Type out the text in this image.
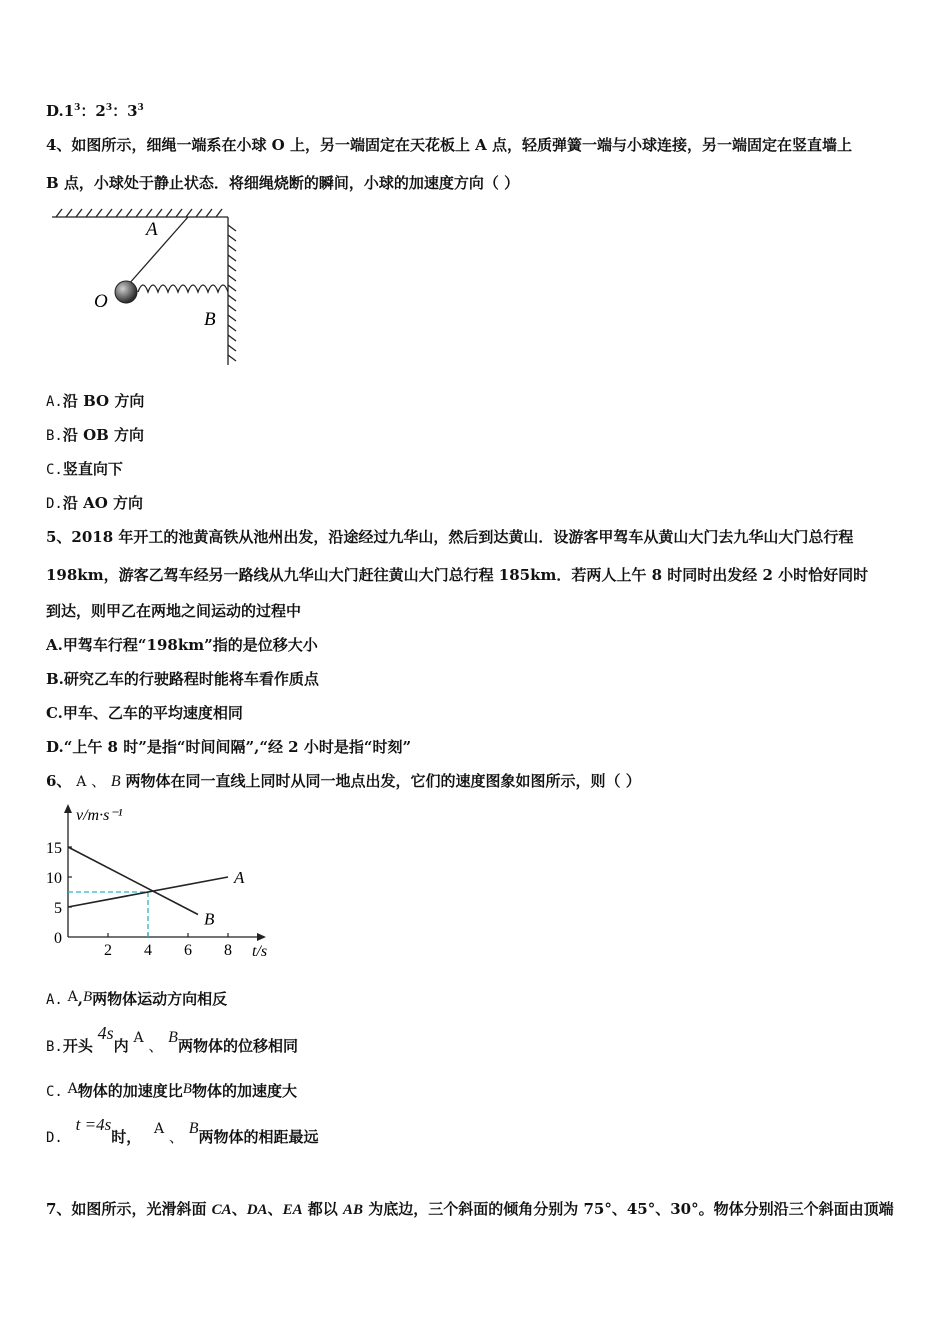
$D.1^3$：$2^3$：$3^3$
4、如图所示，细绳一端系在小球 O 上，另一端固定在天花板上 A 点，轻质弹簧一端与小球连接，另一端固定在竖直墙上
B 点，小球处于静止状态．将细绳烧断的瞬间，小球的加速度方向（ ）
A
O
B
A.沿 BO 方向
B.沿 OB 方向
C.竖直向下
D.沿 AO 方向
5、2018 年开工的池黄高铁从池州出发，沿途经过九华山，然后到达黄山．设游客甲驾车从黄山大门去九华山大门总行程
198km，游客乙驾车经另一路线从九华山大门赶往黄山大门总行程 185km．若两人上午 8 时同时出发经 2 小时恰好同时
到达，则甲乙在两地之间运动的过程中
A.甲驾车行程“198km”指的是位移大小
B.研究乙车的行驶路程时能将车看作质点
C.甲车、乙车的平均速度相同
D.“上午 8 时”是指“时间间隔”,“经 2 小时是指“时刻”
6、 A 、 B 两物体在同一直线上同时从同一地点出发，它们的速度图象如图所示，则（ ）
v/m·s⁻¹
t/s
2 4 6 8
15
10
5
0
A
B
A. A,B两物体运动方向相反
B.开头 4s内 A 、 B两物体的位移相同
C. A物体的加速度比B物体的加速度大
D. t =4s时， A 、 B两物体的相距最远
7、如图所示，光滑斜面 CA、DA、EA 都以 AB 为底边，三个斜面的倾角分别为 75°、45°、30°。物体分别沿三个斜面由顶端
